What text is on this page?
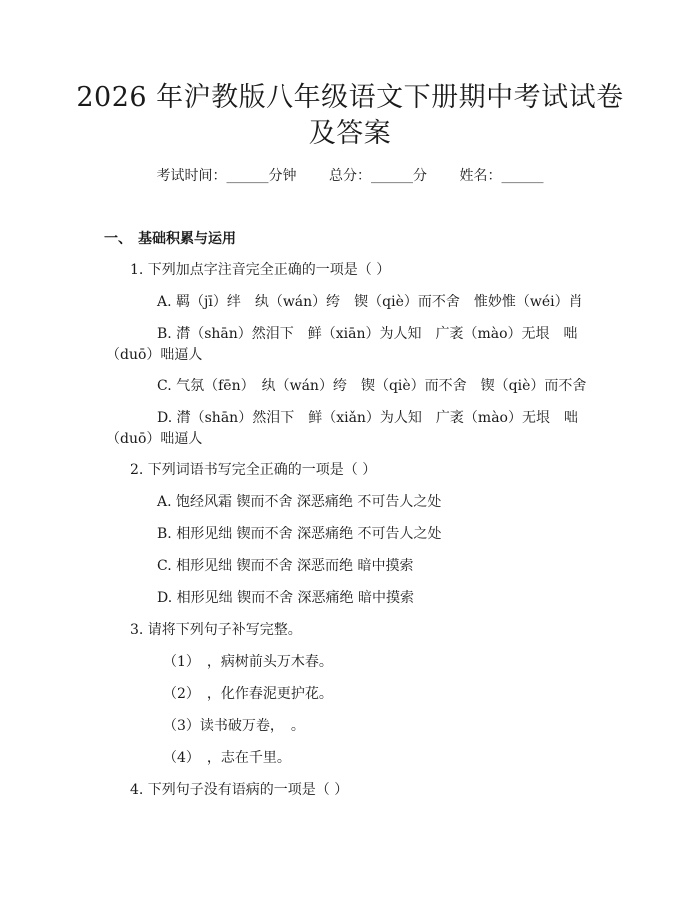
2026 年沪教版八年级语文下册期中考试试卷
及答案
考试时间：______分钟 总分：______分 姓名：______
一、 基础积累与运用
1. 下列加点字注音完全正确的一项是（ ）
A. 羁（jī）绊　纨（wán）绔　锲（qiè）而不舍　惟妙惟（wéi）肖
B. 潸（shān）然泪下　鲜（xiān）为人知　广袤（mào）无垠　咄
（duō）咄逼人
C. 气氛（fēn）　纨（wán）绔　锲（qiè）而不舍　锲（qiè）而不舍
D. 潸（shān）然泪下　鲜（xiǎn）为人知　广袤（mào）无垠　咄
（duō）咄逼人
2. 下列词语书写完全正确的一项是（ ）
A. 饱经风霜 锲而不舍 深恶痛绝 不可告人之处
B. 相形见绌 锲而不舍 深恶痛绝 不可告人之处
C. 相形见绌 锲而不舍 深恶而绝 暗中摸索
D. 相形见绌 锲而不舍 深恶痛绝 暗中摸索
3. 请将下列句子补写完整。
（1）　，病树前头万木春。
（2）　，化作春泥更护花。
（3）读书破万卷，　。
（4）　，志在千里。
4. 下列句子没有语病的一项是（ ）
